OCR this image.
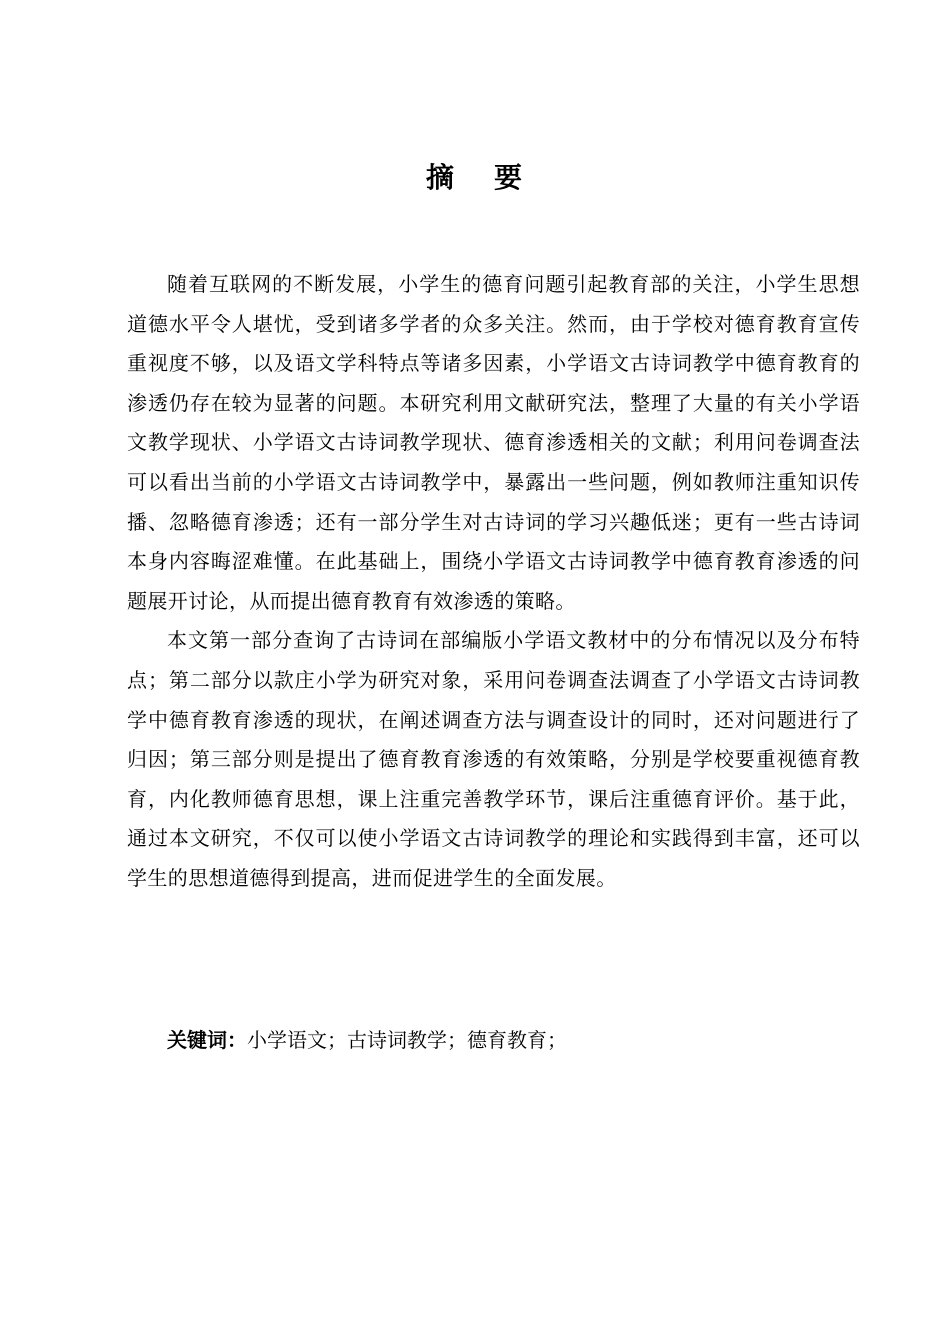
摘 要

随着互联网的不断发展，小学生的德育问题引起教育部的关注，小学生思想道德水平令人堪忧，受到诸多学者的众多关注。然而，由于学校对德育教育宣传重视度不够，以及语文学科特点等诸多因素，小学语文古诗词教学中德育教育的渗透仍存在较为显著的问题。本研究利用文献研究法，整理了大量的有关小学语文教学现状、小学语文古诗词教学现状、德育渗透相关的文献；利用问卷调查法可以看出当前的小学语文古诗词教学中，暴露出一些问题，例如教师注重知识传播、忽略德育渗透；还有一部分学生对古诗词的学习兴趣低迷；更有一些古诗词本身内容晦涩难懂。在此基础上，围绕小学语文古诗词教学中德育教育渗透的问题展开讨论，从而提出德育教育有效渗透的策略。

本文第一部分查询了古诗词在部编版小学语文教材中的分布情况以及分布特点；第二部分以款庄小学为研究对象，采用问卷调查法调查了小学语文古诗词教学中德育教育渗透的现状，在阐述调查方法与调查设计的同时，还对问题进行了归因；第三部分则是提出了德育教育渗透的有效策略，分别是学校要重视德育教育，内化教师德育思想，课上注重完善教学环节，课后注重德育评价。基于此，通过本文研究，不仅可以使小学语文古诗词教学的理论和实践得到丰富，还可以学生的思想道德得到提高，进而促进学生的全面发展。

关键词：小学语文；古诗词教学；德育教育；
